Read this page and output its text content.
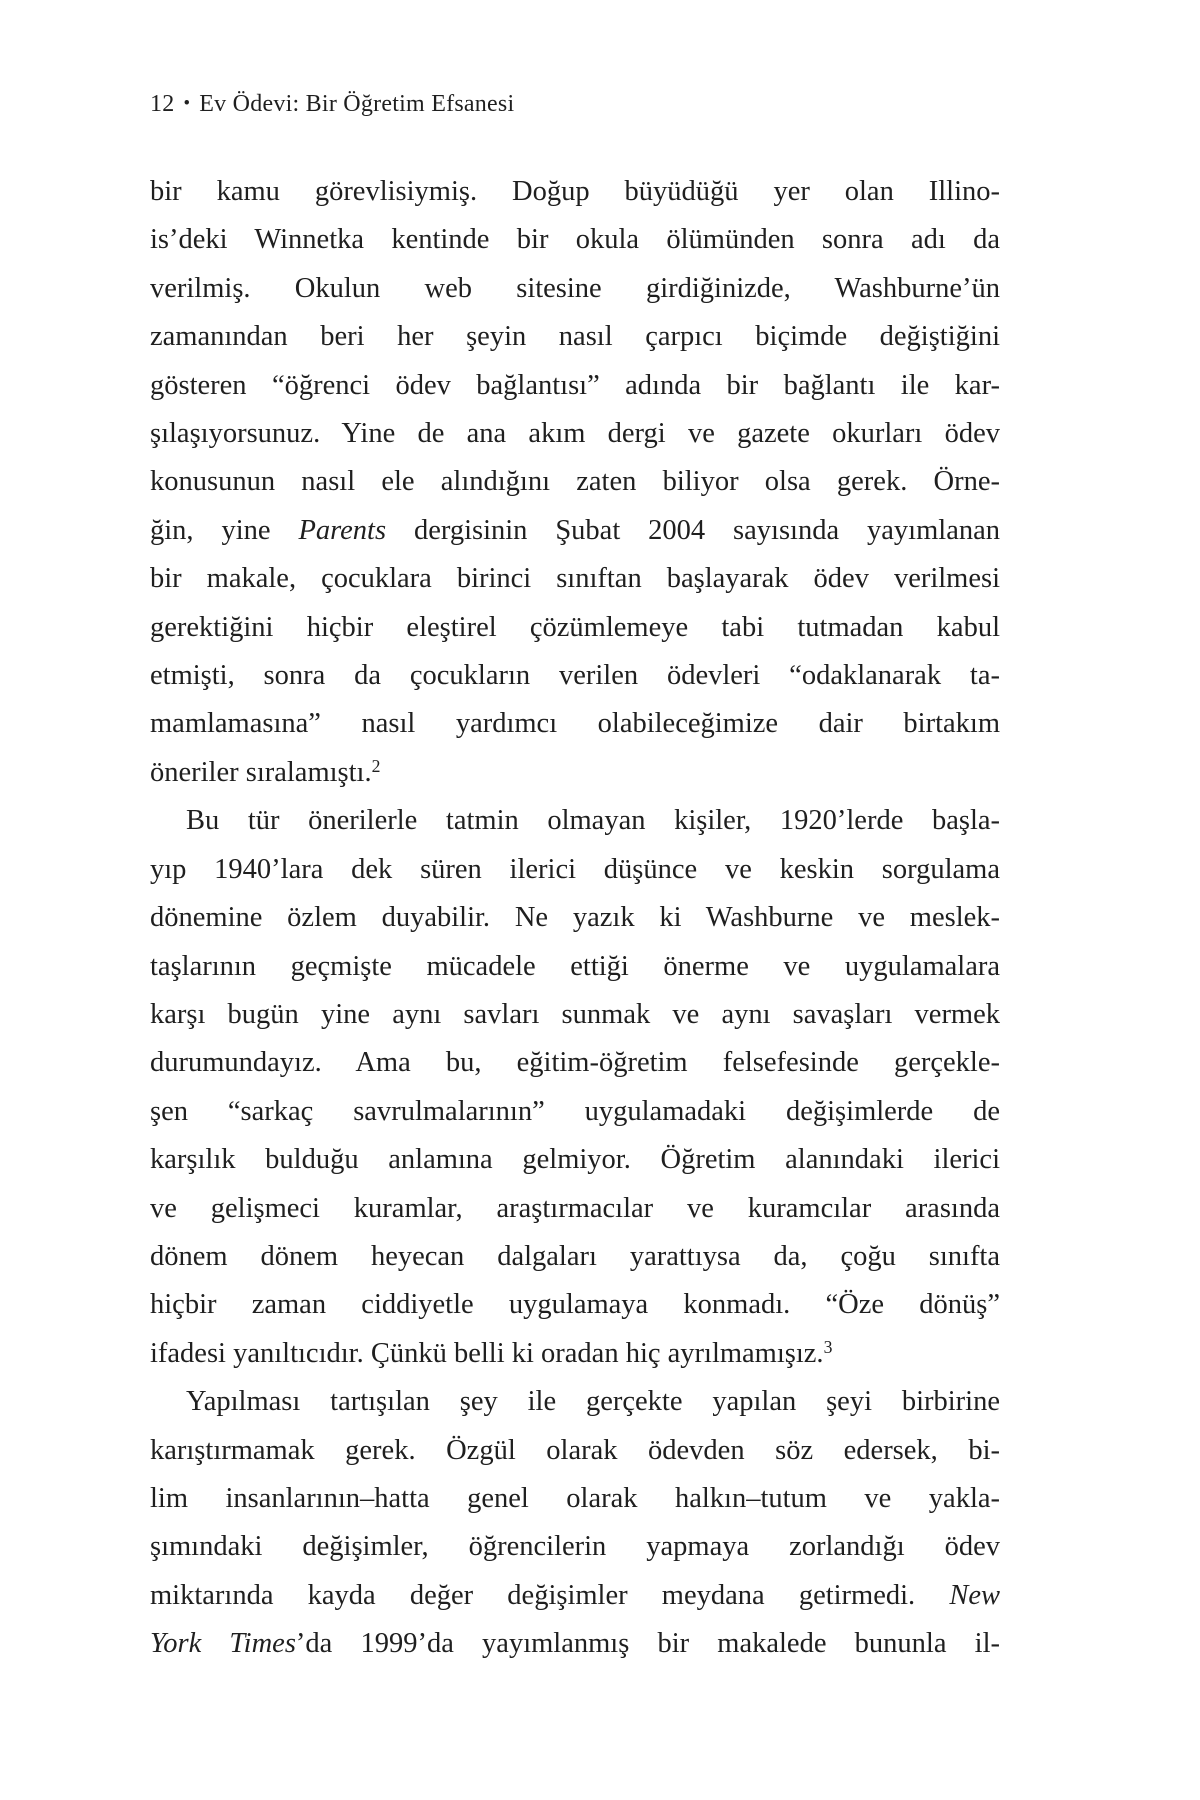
12 • Ev Ödevi: Bir Öğretim Efsanesi
bir kamu görevlisiymiş. Doğup büyüdüğü yer olan Illino-
is’deki Winnetka kentinde bir okula ölümünden sonra adı da
verilmiş. Okulun web sitesine girdiğinizde, Washburne’ün
zamanından beri her şeyin nasıl çarpıcı biçimde değiştiğini
gösteren “öğrenci ödev bağlantısı” adında bir bağlantı ile kar-
şılaşıyorsunuz. Yine de ana akım dergi ve gazete okurları ödev
konusunun nasıl ele alındığını zaten biliyor olsa gerek. Örne-
ğin, yine Parents dergisinin Şubat 2004 sayısında yayımlanan
bir makale, çocuklara birinci sınıftan başlayarak ödev verilmesi
gerektiğini hiçbir eleştirel çözümlemeye tabi tutmadan kabul
etmişti, sonra da çocukların verilen ödevleri “odaklanarak ta-
mamlamasına” nasıl yardımcı olabileceğimize dair birtakım
öneriler sıralamıştı.$^2$
Bu tür önerilerle tatmin olmayan kişiler, 1920’lerde başla-
yıp 1940’lara dek süren ilerici düşünce ve keskin sorgulama
dönemine özlem duyabilir. Ne yazık ki Washburne ve meslek-
taşlarının geçmişte mücadele ettiği önerme ve uygulamalara
karşı bugün yine aynı savları sunmak ve aynı savaşları vermek
durumundayız. Ama bu, eğitim-öğretim felsefesinde gerçekle-
şen “sarkaç savrulmalarının” uygulamadaki değişimlerde de
karşılık bulduğu anlamına gelmiyor. Öğretim alanındaki ilerici
ve gelişmeci kuramlar, araştırmacılar ve kuramcılar arasında
dönem dönem heyecan dalgaları yarattıysa da, çoğu sınıfta
hiçbir zaman ciddiyetle uygulamaya konmadı. “Öze dönüş”
ifadesi yanıltıcıdır. Çünkü belli ki oradan hiç ayrılmamışız.$^3$
Yapılması tartışılan şey ile gerçekte yapılan şeyi birbirine
karıştırmamak gerek. Özgül olarak ödevden söz edersek, bi-
lim insanlarının–hatta genel olarak halkın–tutum ve yakla-
şımındaki değişimler, öğrencilerin yapmaya zorlandığı ödev
miktarında kayda değer değişimler meydana getirmedi. New
York Times’da 1999’da yayımlanmış bir makalede bununla il-
